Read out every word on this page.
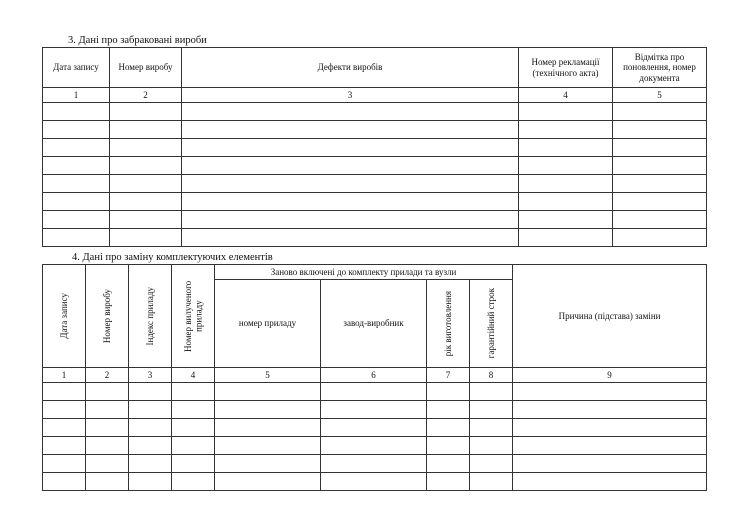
3. Дані про забраковані вироби
Дата запису	Номер виробу	Дефекти виробів	Номер рекламації (технічного акта)	Відмітка про поновлення, номер документа
1	2	3	4	5

4. Дані про заміну комплектуючих елементів
Дата запису	Номер виробу	Індекс приладу	Номер вилученого приладу	Заново включені до комплекту прилади та вузли				Причина (підстава) заміни
				номер приладу	завод-виробник	рік виготовлення	гарантійний строк	

1	2	3	4	5	6	7	8	9
